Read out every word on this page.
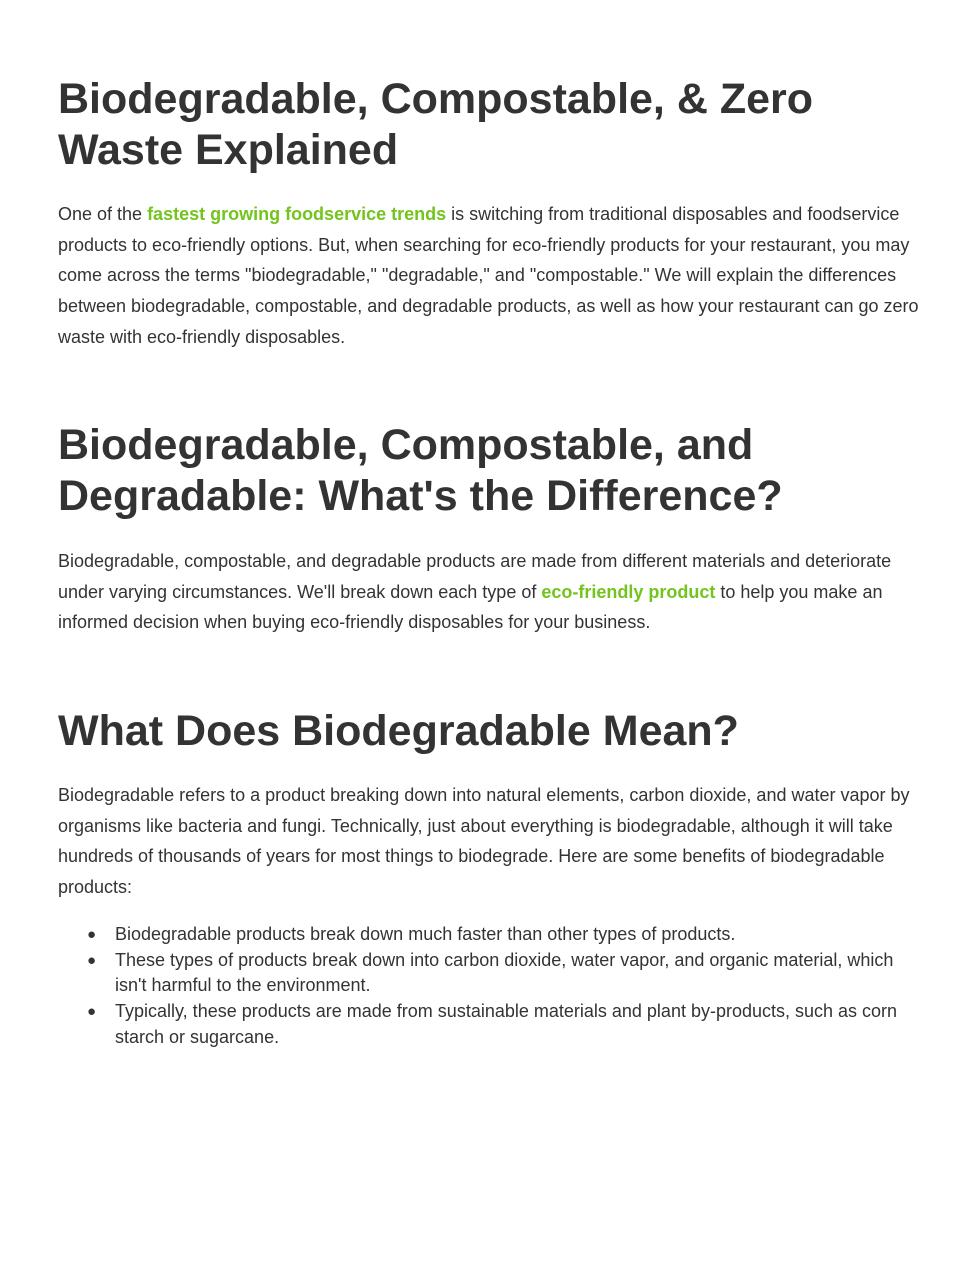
Biodegradable, Compostable, & Zero Waste Explained

One of the fastest growing foodservice trends is switching from traditional disposables and foodservice products to eco-friendly options. But, when searching for eco-friendly products for your restaurant, you may come across the terms "biodegradable," "degradable," and "compostable." We will explain the differences between biodegradable, compostable, and degradable products, as well as how your restaurant can go zero waste with eco-friendly disposables.

Biodegradable, Compostable, and Degradable: What's the Difference?

Biodegradable, compostable, and degradable products are made from different materials and deteriorate under varying circumstances. We'll break down each type of eco-friendly product to help you make an informed decision when buying eco-friendly disposables for your business.

What Does Biodegradable Mean?

Biodegradable refers to a product breaking down into natural elements, carbon dioxide, and water vapor by organisms like bacteria and fungi. Technically, just about everything is biodegradable, although it will take hundreds of thousands of years for most things to biodegrade. Here are some benefits of biodegradable products:

● Biodegradable products break down much faster than other types of products.
● These types of products break down into carbon dioxide, water vapor, and organic material, which isn't harmful to the environment.
● Typically, these products are made from sustainable materials and plant by-products, such as corn starch or sugarcane.
